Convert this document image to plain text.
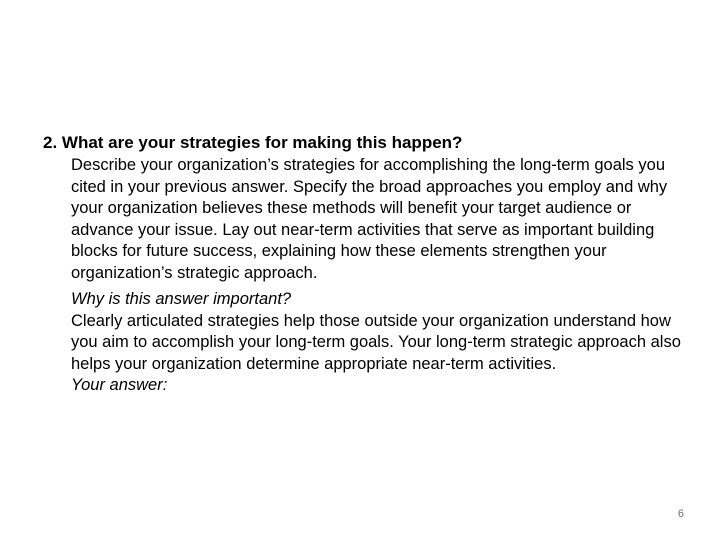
2. What are your strategies for making this happen?

Describe your organization’s strategies for accomplishing the long-term goals you cited in your previous answer. Specify the broad approaches you employ and why your organization believes these methods will benefit your target audience or advance your issue. Lay out near-term activities that serve as important building blocks for future success, explaining how these elements strengthen your organization’s strategic approach.

Why is this answer important?

Clearly articulated strategies help those outside your organization understand how you aim to accomplish your long-term goals. Your long-term strategic approach also helps your organization determine appropriate near-term activities.

Your answer:

6
